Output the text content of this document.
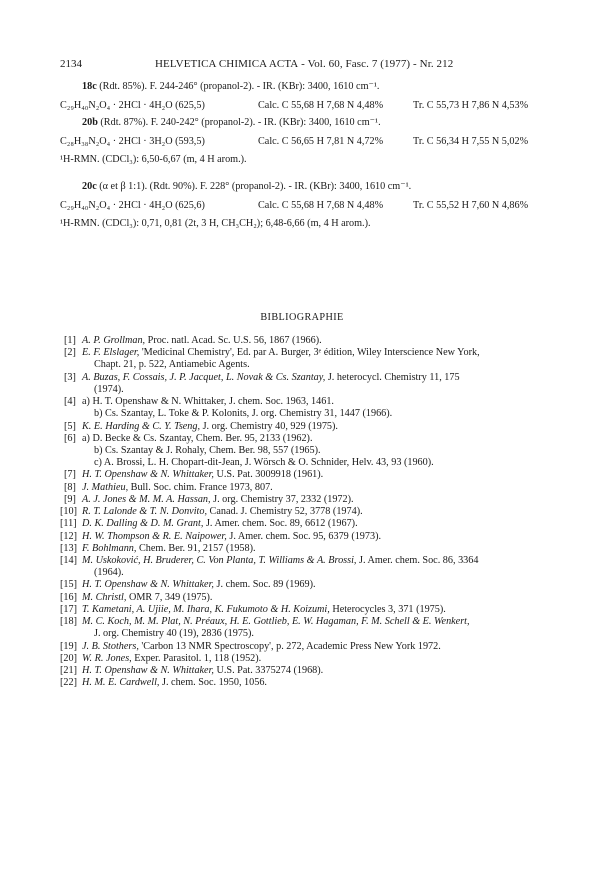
2134	HELVETICA CHIMICA ACTA - Vol. 60, Fasc. 7 (1977) - Nr. 212
18c (Rdt. 85%). F. 244-246° (propanol-2). - IR. (KBr): 3400, 1610 cm⁻¹.
C₂₉H₄₀N₂O₄ · 2HCl · 4H₂O (625,5)	Calc. C 55,68 H 7,68 N 4,48%	Tr. C 55,73 H 7,86 N 4,53%
20b (Rdt. 87%). F. 240-242° (propanol-2). - IR. (KBr): 3400, 1610 cm⁻¹.
C₂₈H₃₈N₂O₄ · 2HCl · 3H₂O (593,5)	Calc. C 56,65 H 7,81 N 4,72%	Tr. C 56,34 H 7,55 N 5,02%
¹H-RMN. (CDCl₃): 6,50-6,67 (m, 4 H arom.).
20c (α et β 1:1). (Rdt. 90%). F. 228° (propanol-2). - IR. (KBr): 3400, 1610 cm⁻¹.
C₂₉H₄₀N₂O₄ · 2HCl · 4H₂O (625,6)	Calc. C 55,68 H 7,68 N 4,48%	Tr. C 55,52 H 7,60 N 4,86%
¹H-RMN. (CDCl₃): 0,71, 0,81 (2t, 3 H, CH₃CH₂); 6,48-6,66 (m, 4 H arom.).
BIBLIOGRAPHIE
[1] A. P. Grollman, Proc. natl. Acad. Sc. U.S. 56, 1867 (1966).
[2] E. F. Elslager, 'Medicinal Chemistry', Ed. par A. Burger, 3ᵉ édition, Wiley Interscience New York,
Chapt. 21, p. 522, Antiamebic Agents.
[3] A. Buzas, F. Cossais, J. P. Jacquet, L. Novak & Cs. Szantay, J. heterocycl. Chemistry 11, 175
(1974).
[4] a) H. T. Openshaw & N. Whittaker, J. chem. Soc. 1963, 1461.
b) Cs. Szantay, L. Toke & P. Kolonits, J. org. Chemistry 31, 1447 (1966).
[5] K. E. Harding & C. Y. Tseng, J. org. Chemistry 40, 929 (1975).
[6] a) D. Becke & Cs. Szantay, Chem. Ber. 95, 2133 (1962).
b) Cs. Szantay & J. Rohaly, Chem. Ber. 98, 557 (1965).
c) A. Brossi, L. H. Chopart-dit-Jean, J. Wörsch & O. Schnider, Helv. 43, 93 (1960).
[7] H. T. Openshaw & N. Whittaker, U.S. Pat. 3009918 (1961).
[8] J. Mathieu, Bull. Soc. chim. France 1973, 807.
[9] A. J. Jones & M. M. A. Hassan, J. org. Chemistry 37, 2332 (1972).
[10] R. T. Lalonde & T. N. Donvito, Canad. J. Chemistry 52, 3778 (1974).
[11] D. K. Dalling & D. M. Grant, J. Amer. chem. Soc. 89, 6612 (1967).
[12] H. W. Thompson & R. E. Naipower, J. Amer. chem. Soc. 95, 6379 (1973).
[13] F. Bohlmann, Chem. Ber. 91, 2157 (1958).
[14] M. Uskoković, H. Bruderer, C. Von Planta, T. Williams & A. Brossi, J. Amer. chem. Soc. 86, 3364
(1964).
[15] H. T. Openshaw & N. Whittaker, J. chem. Soc. 89 (1969).
[16] M. Christl, OMR 7, 349 (1975).
[17] T. Kametani, A. Ujiie, M. Ihara, K. Fukumoto & H. Koizumi, Heterocycles 3, 371 (1975).
[18] M. C. Koch, M. M. Plat, N. Préaux, H. E. Gottlieb, E. W. Hagaman, F. M. Schell & E. Wenkert,
J. org. Chemistry 40 (19), 2836 (1975).
[19] J. B. Stothers, 'Carbon 13 NMR Spectroscopy', p. 272, Academic Press New York 1972.
[20] W. R. Jones, Exper. Parasitol. 1, 118 (1952).
[21] H. T. Openshaw & N. Whittaker, U.S. Pat. 3375274 (1968).
[22] H. M. E. Cardwell, J. chem. Soc. 1950, 1056.
